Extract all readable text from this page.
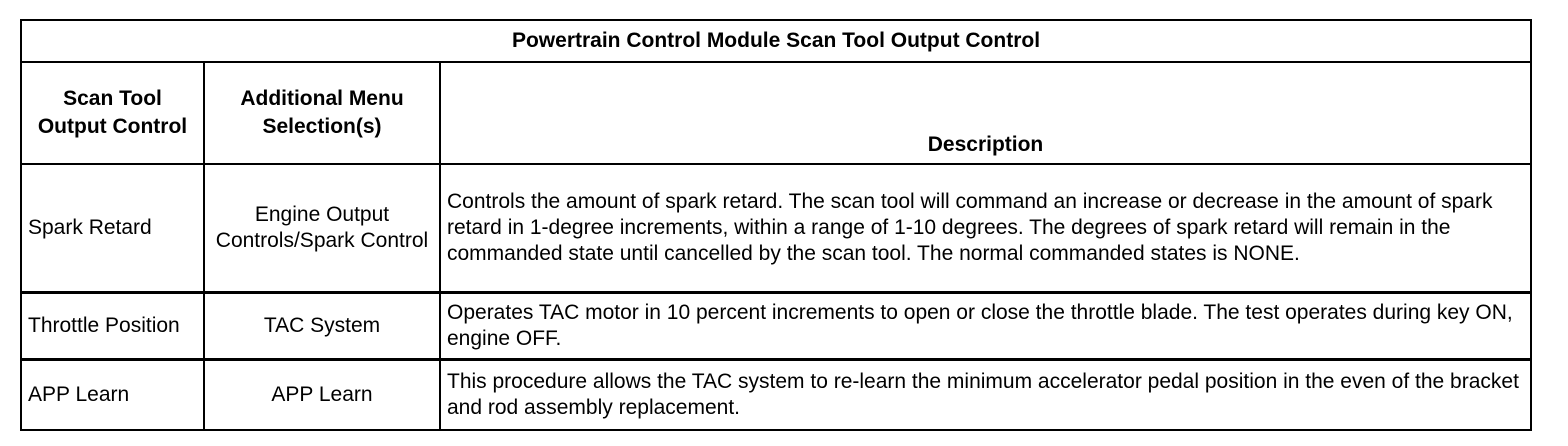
Powertrain Control Module Scan Tool Output Control		
Scan Tool Output Control	Additional Menu Selection(s)	Description
Spark Retard	Engine Output Controls/Spark Control	Controls the amount of spark retard. The scan tool will command an increase or decrease in the amount of spark retard in 1-degree increments, within a range of 1-10 degrees. The degrees of spark retard will remain in the commanded state until cancelled by the scan tool. The normal commanded states is NONE.
Throttle Position	TAC System	Operates TAC motor in 10 percent increments to open or close the throttle blade. The test operates during key ON, engine OFF.
APP Learn	APP Learn	This procedure allows the TAC system to re-learn the minimum accelerator pedal position in the even of the bracket and rod assembly replacement.
